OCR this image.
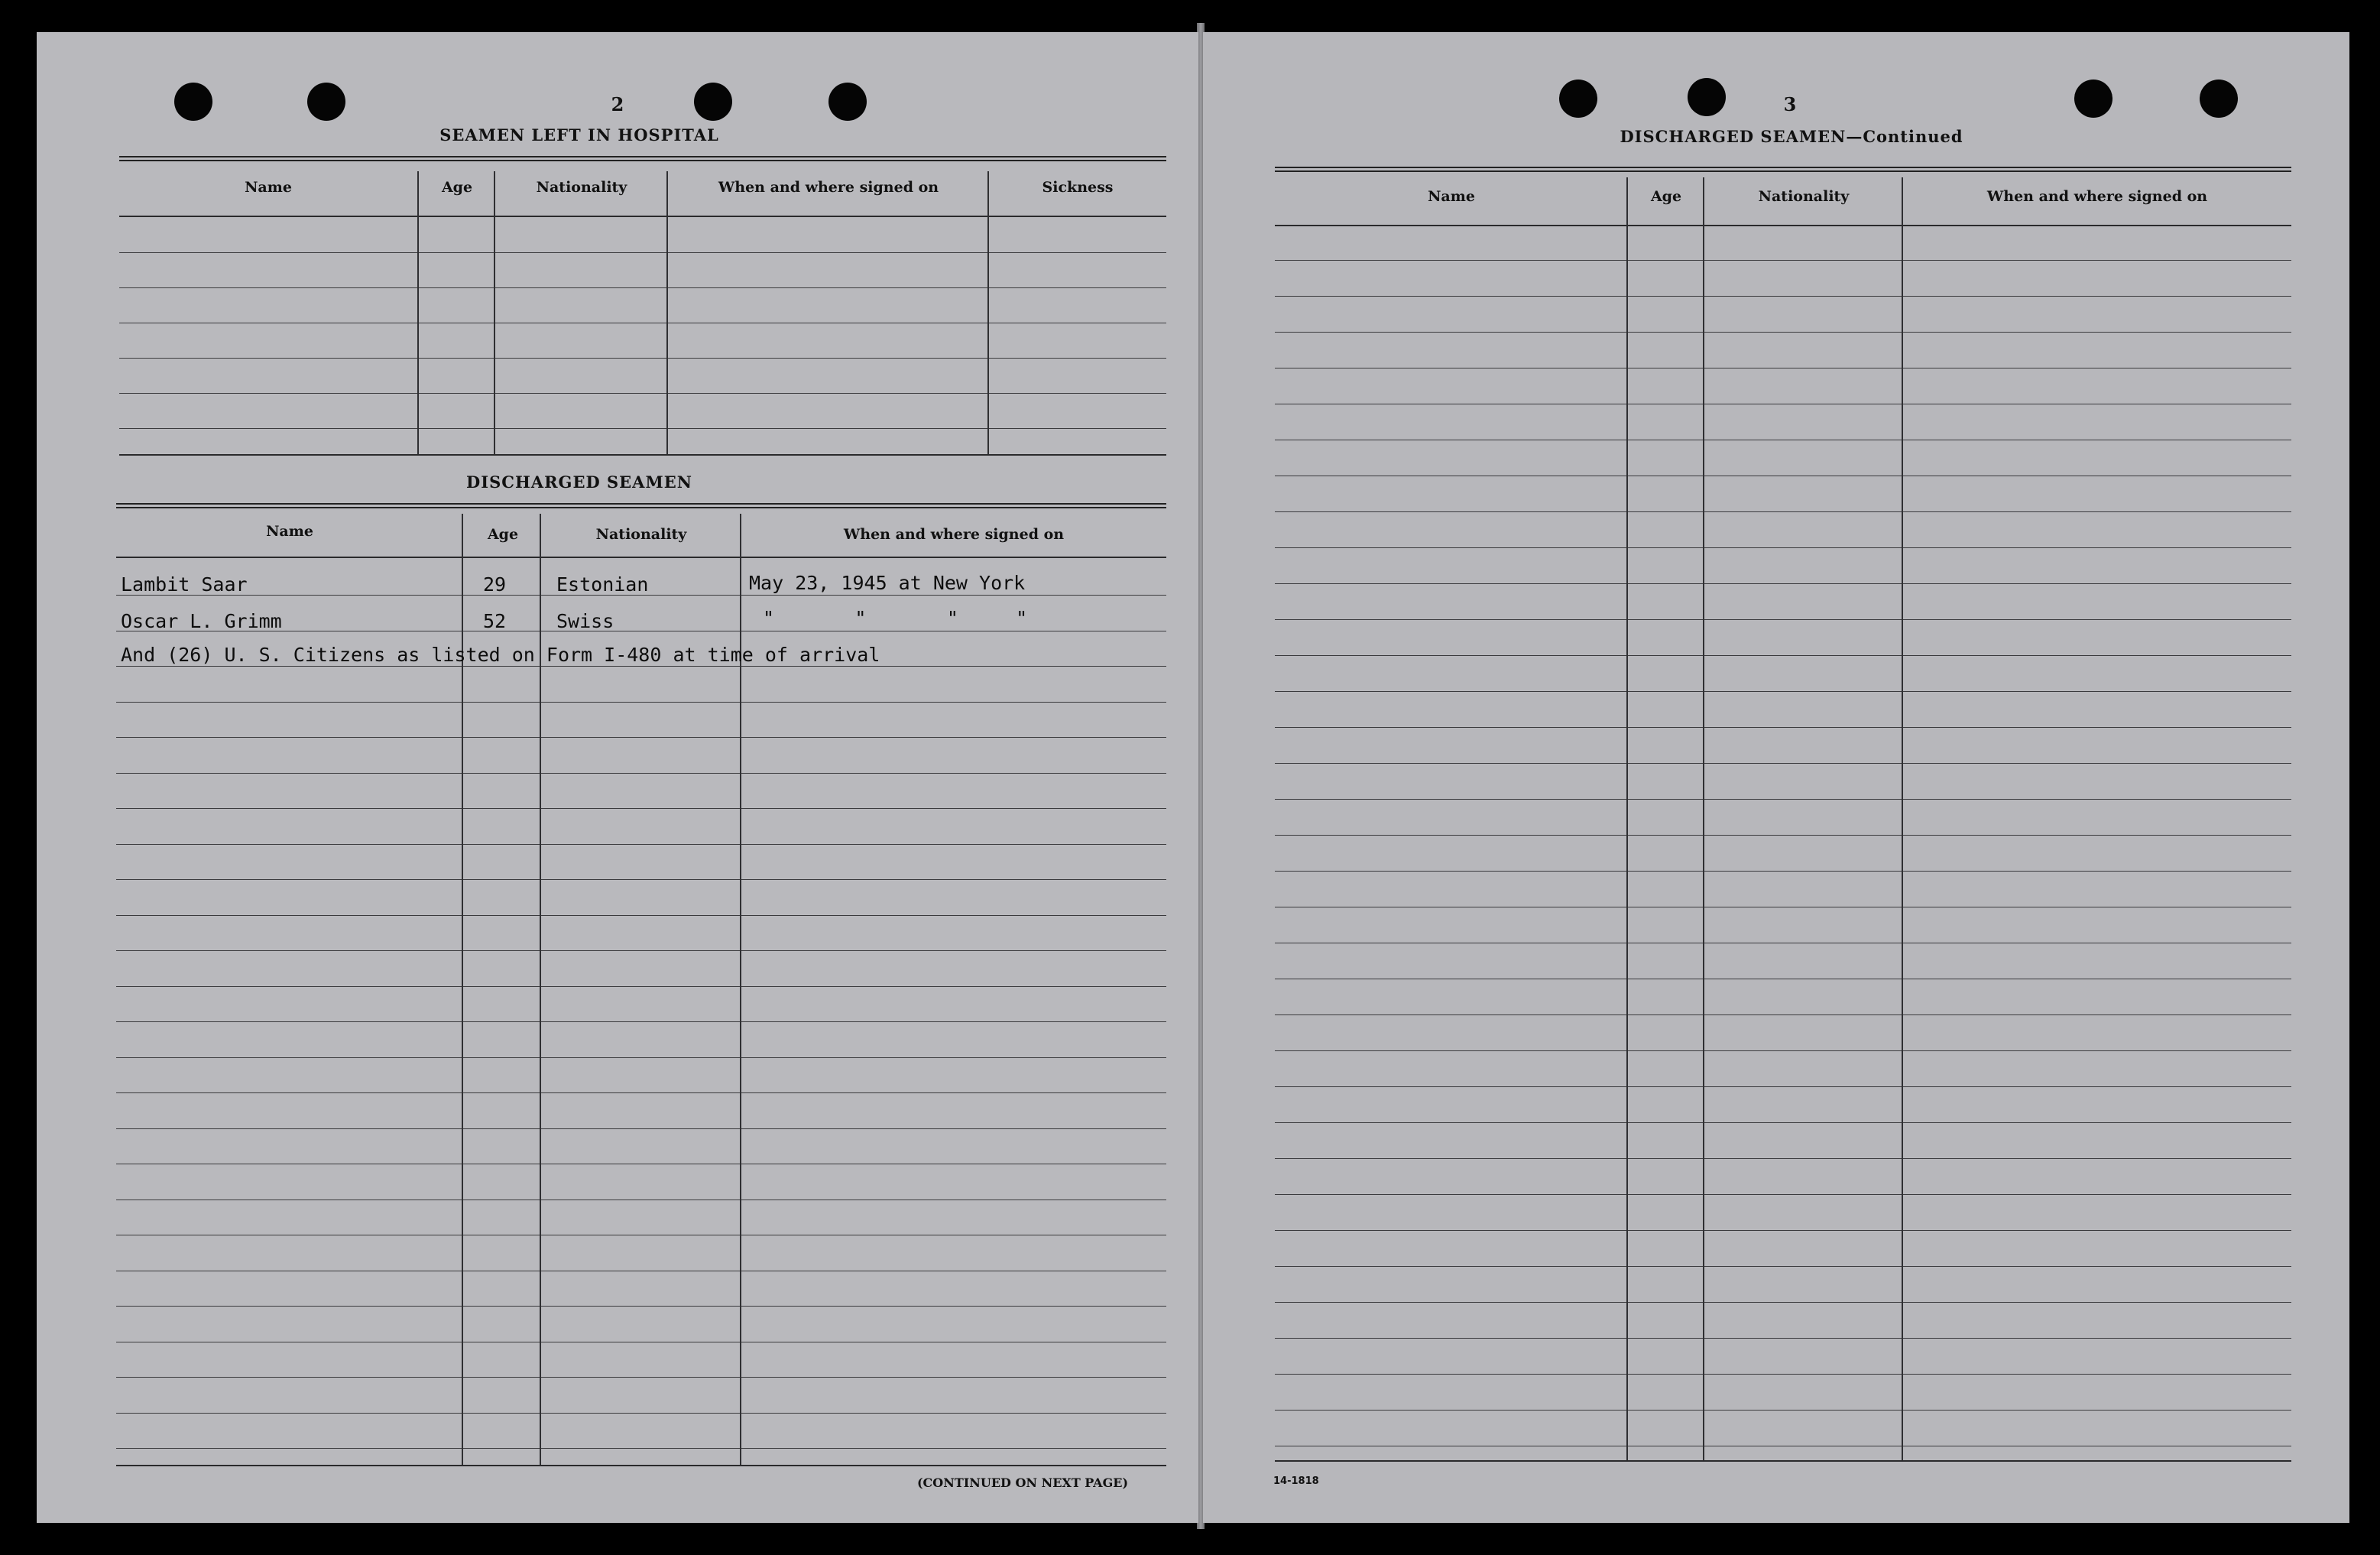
2
SEAMEN LEFT IN HOSPITAL
Name	Age	Nationality	When and where signed on	Sickness
DISCHARGED SEAMEN
Name	Age	Nationality	When and where signed on
Lambit Saar	29	Estonian	May 23, 1945 at New York
Oscar L. Grimm	52	Swiss	"       "       "     "
And (26) U. S. Citizens as listed on Form I-480 at time of arrival
(CONTINUED ON NEXT PAGE)
3
DISCHARGED SEAMEN—Continued
Name	Age	Nationality	When and where signed on
14-1818
